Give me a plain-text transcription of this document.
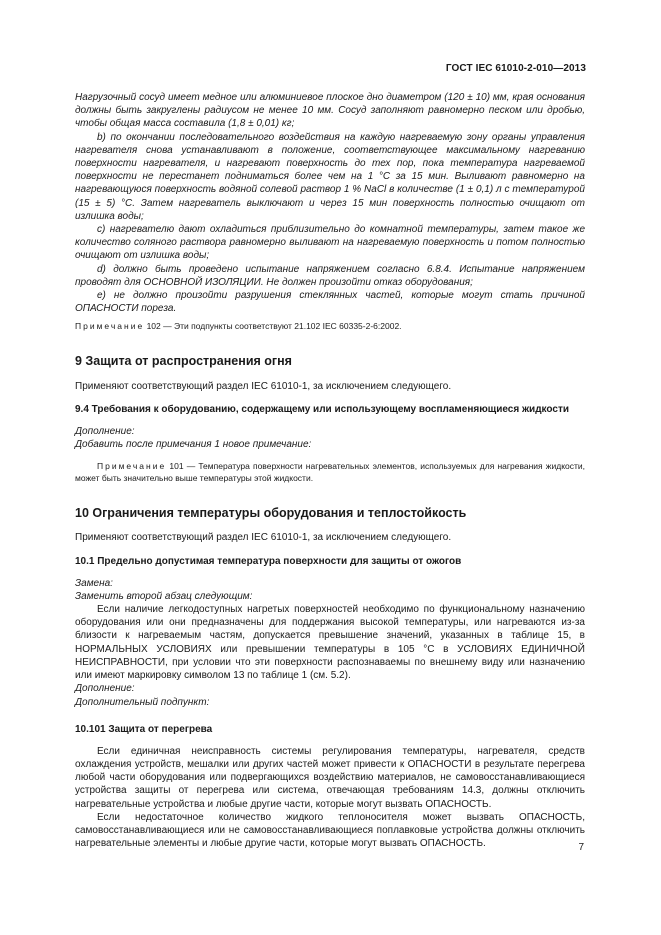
ГОСТ IEC 61010-2-010—2013

Нагрузочный сосуд имеет медное или алюминиевое плоское дно диаметром (120 ± 10) мм, края основания должны быть закруглены радиусом не менее 10 мм. Сосуд заполняют равномерно песком или дробью, чтобы общая масса составила (1,8 ± 0,01) кг;

b) по окончании последовательного воздействия на каждую нагреваемую зону органы управления нагревателя снова устанавливают в положение, соответствующее максимальному нагреванию поверхности нагревателя, и нагревают поверхность до тех пор, пока температура нагреваемой поверхности не перестанет подниматься более чем на 1 °С за 15 мин. Выливают равномерно на нагревающуюся поверхность водяной солевой раствор 1 % NaCl в количестве (1 ± 0,1) л с температурой (15 ± 5) °С. Затем нагреватель выключают и через 15 мин поверхность полностью очищают от излишка воды;

с) нагревателю дают охладиться приблизительно до комнатной температуры, затем такое же количество соляного раствора равномерно выливают на нагреваемую поверхность и потом полностью очищают от излишка воды;

d) должно быть проведено испытание напряжением согласно 6.8.4. Испытание напряжением проводят для ОСНОВНОЙ ИЗОЛЯЦИИ. Не должен произойти отказ оборудования;

е) не должно произойти разрушения стеклянных частей, которые могут стать причиной ОПАСНОСТИ пореза.

Примечание 102 — Эти подпункты соответствуют 21.102 IEC 60335-2-6:2002.

9 Защита от распространения огня

Применяют соответствующий раздел IEC 61010-1, за исключением следующего.

9.4 Требования к оборудованию, содержащему или использующему воспламеняющиеся жидкости

Дополнение:

Добавить после примечания 1 новое примечание:

Примечание 101 — Температура поверхности нагревательных элементов, используемых для нагревания жидкости, может быть значительно выше температуры этой жидкости.

10 Ограничения температуры оборудования и теплостойкость

Применяют соответствующий раздел IEC 61010-1, за исключением следующего.

10.1 Предельно допустимая температура поверхности для защиты от ожогов

Замена:

Заменить второй абзац следующим:

Если наличие легкодоступных нагретых поверхностей необходимо по функциональному назначению оборудования или они предназначены для поддержания высокой температуры, или нагреваются из-за близости к нагреваемым частям, допускается превышение значений, указанных в таблице 15, в НОРМАЛЬНЫХ УСЛОВИЯХ или превышении температуры в 105 °С в УСЛОВИЯХ ЕДИНИЧНОЙ НЕИСПРАВНОСТИ, при условии что эти поверхности распознаваемы по внешнему виду или назначению или имеют маркировку символом 13 по таблице 1 (см. 5.2).

Дополнение:

Дополнительный подпункт:

10.101 Защита от перегрева

Если единичная неисправность системы регулирования температуры, нагревателя, средств охлаждения устройств, мешалки или других частей может привести к ОПАСНОСТИ в результате перегрева любой части оборудования или подвергающихся воздействию материалов, не самовосстанавливающиеся устройства защиты от перегрева или система, отвечающая требованиям 14.3, должны отключить нагревательные устройства и любые другие части, которые могут вызвать ОПАСНОСТЬ.

Если недостаточное количество жидкого теплоносителя может вызвать ОПАСНОСТЬ, самовосстанавливающиеся или не самовосстанавливающиеся поплавковые устройства должны отключить нагревательные элементы и любые другие части, которые могут вызвать ОПАСНОСТЬ.	7
